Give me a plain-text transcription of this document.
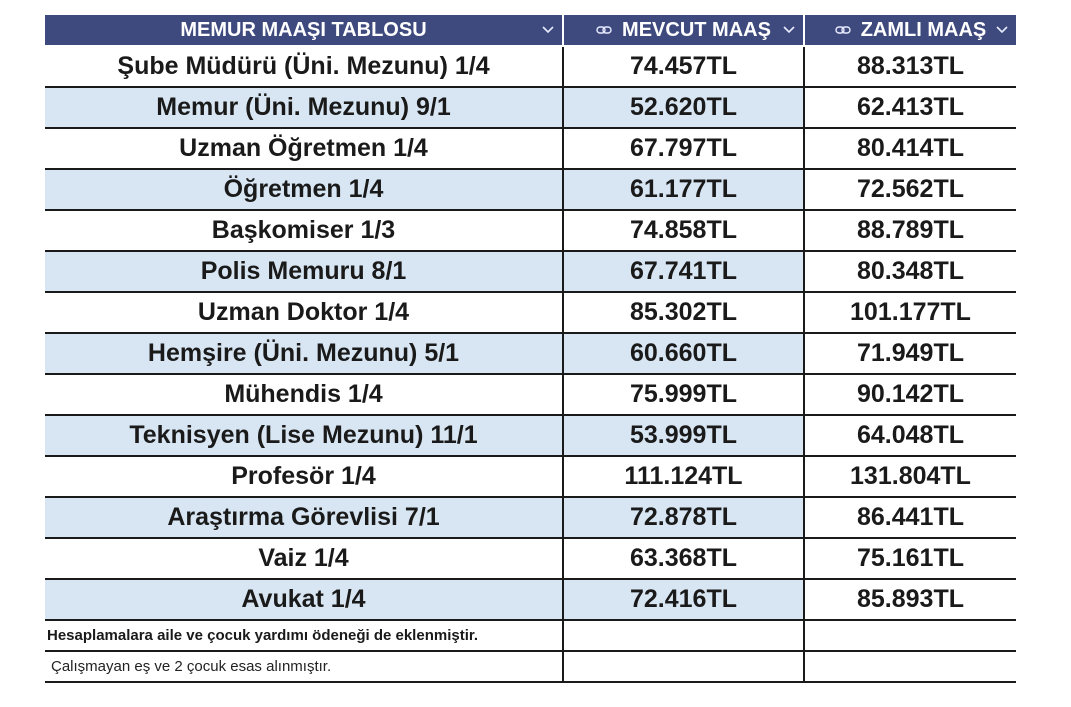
MEMUR MAAŞI TABLOSU	MEVCUT MAAŞ	ZAMLI MAAŞ
Şube Müdürü (Üni. Mezunu) 1/4	74.457TL	88.313TL
Memur (Üni. Mezunu) 9/1	52.620TL	62.413TL
Uzman Öğretmen 1/4	67.797TL	80.414TL
Öğretmen 1/4	61.177TL	72.562TL
Başkomiser 1/3	74.858TL	88.789TL
Polis Memuru 8/1	67.741TL	80.348TL
Uzman Doktor 1/4	85.302TL	101.177TL
Hemşire (Üni. Mezunu) 5/1	60.660TL	71.949TL
Mühendis 1/4	75.999TL	90.142TL
Teknisyen (Lise Mezunu) 11/1	53.999TL	64.048TL
Profesör 1/4	111.124TL	131.804TL
Araştırma Görevlisi 7/1	72.878TL	86.441TL
Vaiz 1/4	63.368TL	75.161TL
Avukat 1/4	72.416TL	85.893TL
Hesaplamalara aile ve çocuk yardımı ödeneği de eklenmiştir.
Çalışmayan eş ve 2 çocuk esas alınmıştır.
